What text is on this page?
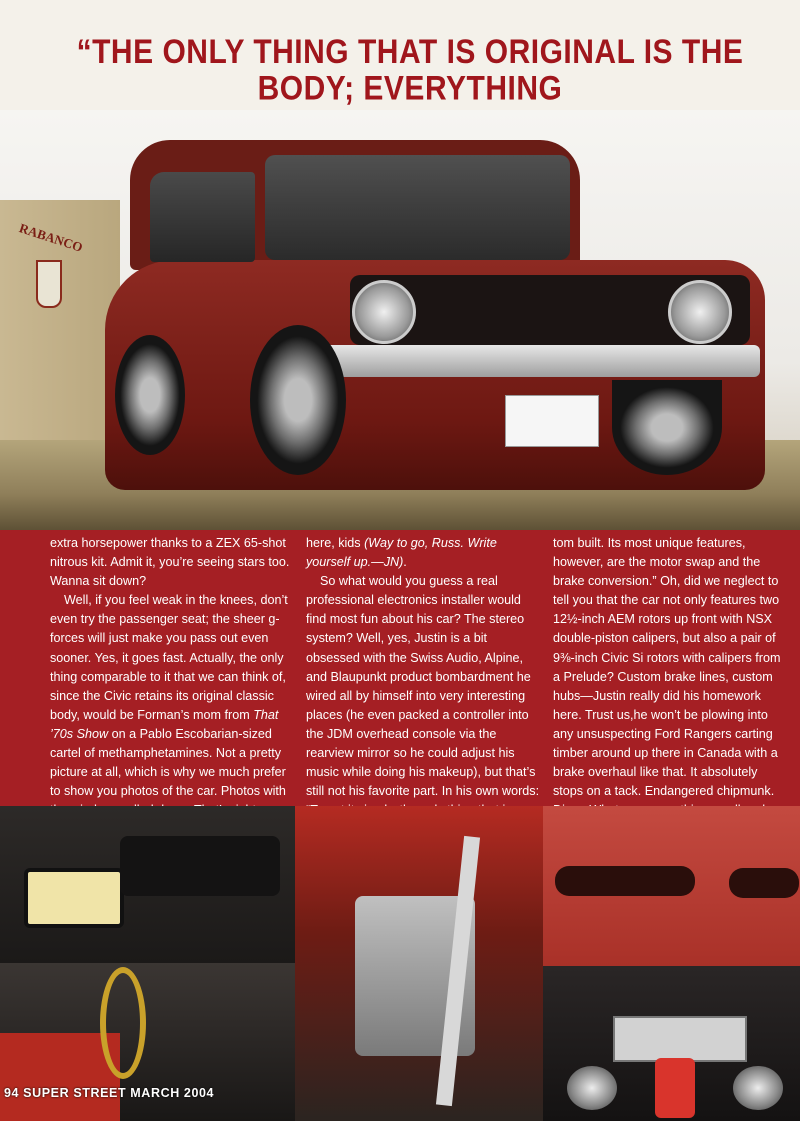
“THE ONLY THING THAT IS ORIGINAL IS THE BODY; EVERYTHING
RABANCO

extra horsepower thanks to a ZEX 65-shot nitrous kit. Admit it, you’re seeing stars too. Wanna sit down?

Well, if you feel weak in the knees, don’t even try the passenger seat; the sheer g-forces will just make you pass out even sooner. Yes, it goes fast. Actually, the only thing comparable to it that we can think of, since the Civic retains its original classic body, would be Forman’s mom from That ’70s Show on a Pablo Escobarian-sized cartel of methamphetamines. Not a pretty picture at all, which is why we much prefer to show you photos of the car. Photos with

here, kids (Way to go, Russ. Write yourself up.—JN).

So what would you guess a real professional electronics installer would find most fun about his car? The stereo system? Well, yes, Justin is a bit obsessed with the Swiss Audio, Alpine, and Blaupunkt product bombardment he wired all by himself into very interesting places (he even packed a controller into the JDM overhead console via the rearview mirror so he could adjust his music while doing his makeup), but that’s still not his favorite part. In his own words:

tom built. Its most unique features, however, are the motor swap and the brake conversion.” Oh, did we neglect to tell you that the car not only features two 12½-inch AEM rotors up front with NSX double-piston calipers, but also a pair of 9⅜-inch Civic Si rotors with calipers from a Prelude? Custom brake lines, custom hubs—Justin really did his homework here. Trust us,he won’t be plowing into any unsuspecting Ford Rangers carting timber around up there in Canada with a brake overhaul like that. It absolutely stops on a tack. Endangered chipmunk.

94 SUPER STREET MARCH 2004
